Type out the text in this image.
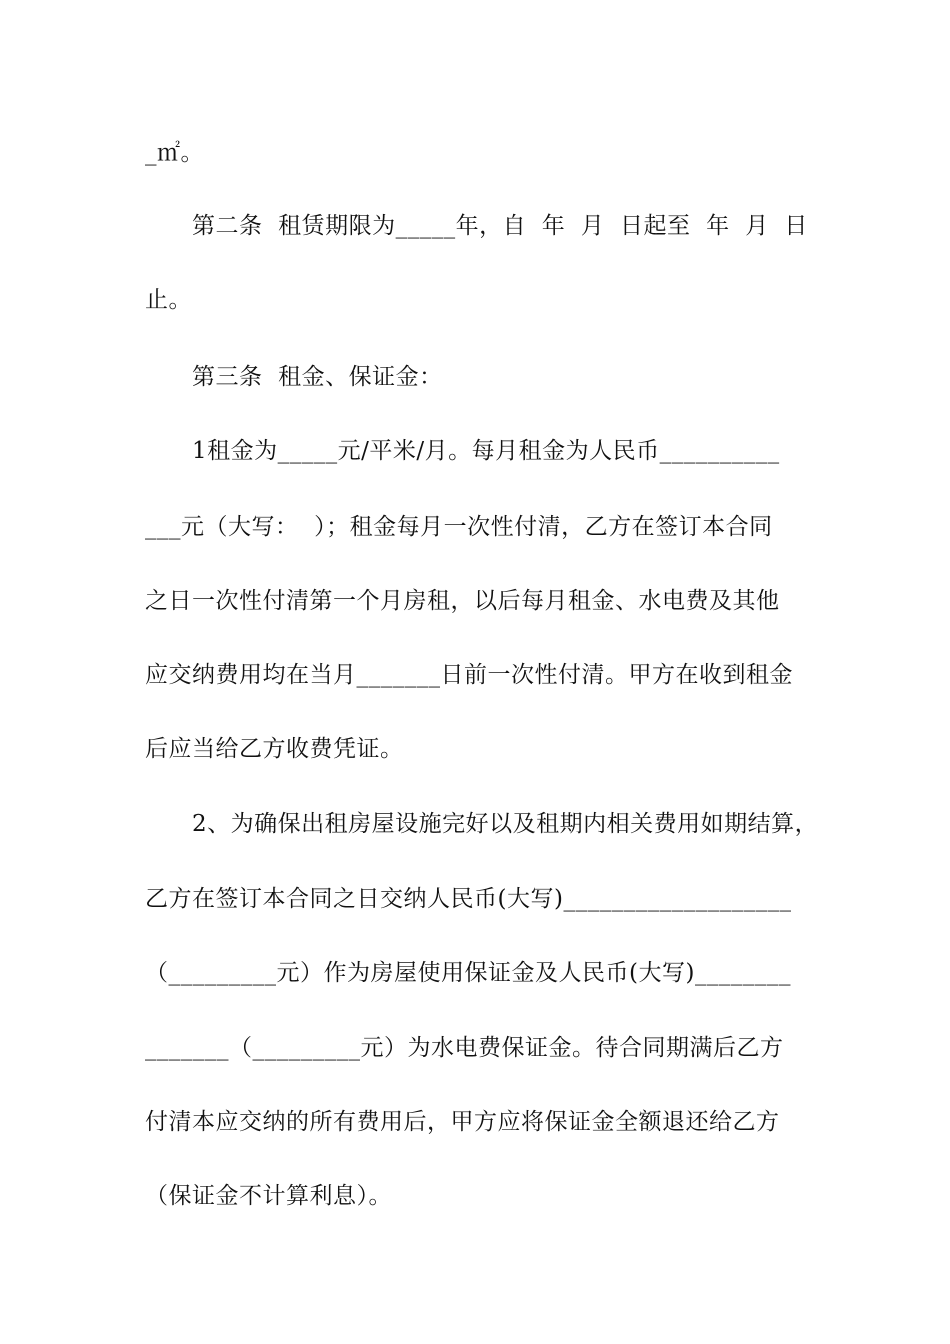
_㎡。
第二条  租赁期限为_____年，自  年  月  日起至  年  月  日
止。
第三条  租金、保证金：
1租金为_____元/平米/月。每月租金为人民币__________
___元（大写：  ）；租金每月一次性付清，乙方在签订本合同
之日一次性付清第一个月房租，以后每月租金、水电费及其他
应交纳费用均在当月_______日前一次性付清。甲方在收到租金
后应当给乙方收费凭证。
2、为确保出租房屋设施完好以及租期内相关费用如期结算，
乙方在签订本合同之日交纳人民币(大写)___________________
（_________元）作为房屋使用保证金及人民币(大写)________
_______（_________元）为水电费保证金。待合同期满后乙方
付清本应交纳的所有费用后，甲方应将保证金全额退还给乙方
（保证金不计算利息）。
